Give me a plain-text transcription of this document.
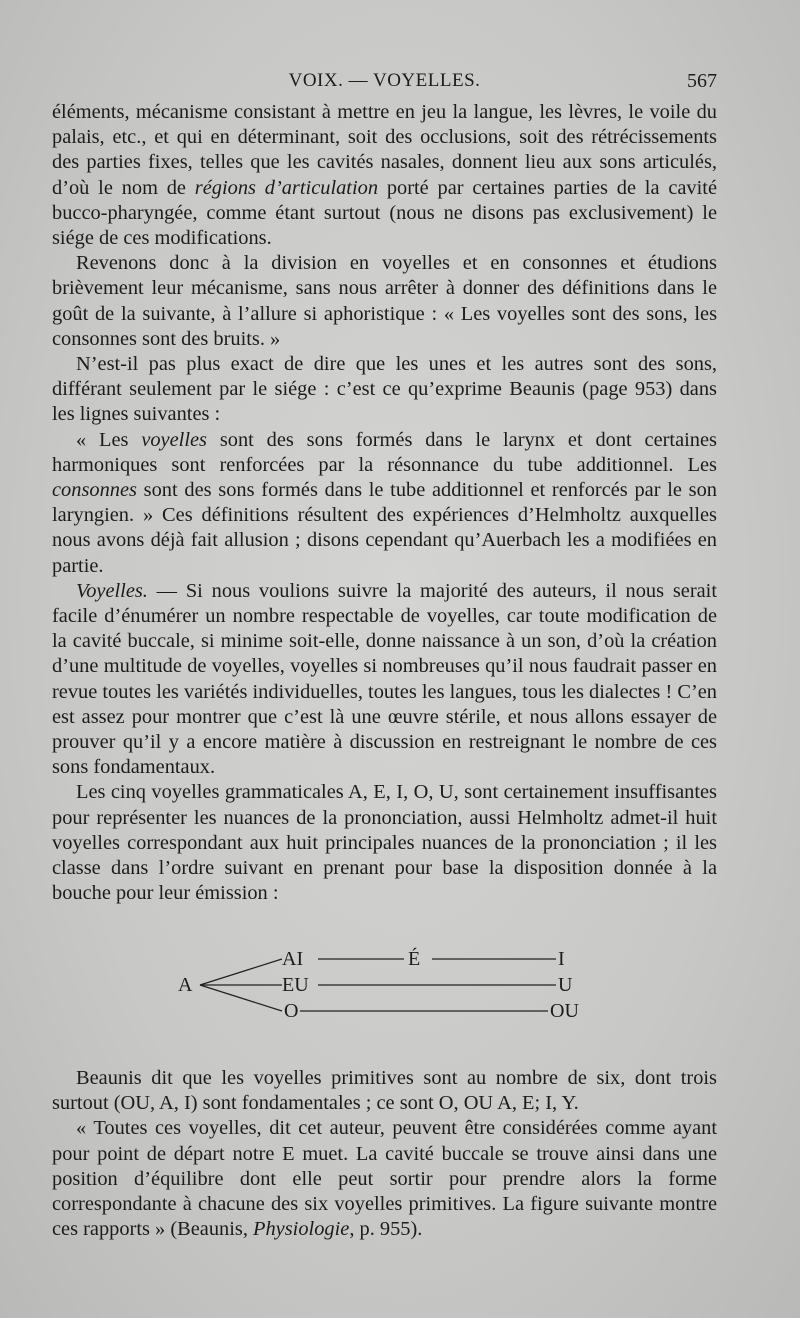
VOIX. — VOYELLES.	567

éléments, mécanisme consistant à mettre en jeu la langue, les lèvres, le voile du palais, etc., et qui en déterminant, soit des occlusions, soit des rétrécissements des parties fixes, telles que les cavités nasales, donnent lieu aux sons articulés, d’où le nom de régions d’articulation porté par certaines parties de la cavité bucco-pharyngée, comme étant surtout (nous ne disons pas exclusivement) le siége de ces modifications.

Revenons donc à la division en voyelles et en consonnes et étudions brièvement leur mécanisme, sans nous arrêter à donner des définitions dans le goût de la suivante, à l’allure si aphoristique : « Les voyelles sont des sons, les consonnes sont des bruits. »

N’est-il pas plus exact de dire que les unes et les autres sont des sons, différant seulement par le siége : c’est ce qu’exprime Beaunis (page 953) dans les lignes suivantes :

« Les voyelles sont des sons formés dans le larynx et dont certaines harmoniques sont renforcées par la résonnance du tube additionnel. Les consonnes sont des sons formés dans le tube additionnel et renforcés par le son laryngien. » Ces définitions résultent des expériences d’Helmholtz auxquelles nous avons déjà fait allusion ; disons cependant qu’Auerbach les a modifiées en partie.

Voyelles. — Si nous voulions suivre la majorité des auteurs, il nous serait facile d’énumérer un nombre respectable de voyelles, car toute modification de la cavité buccale, si minime soit-elle, donne naissance à un son, d’où la création d’une multitude de voyelles, voyelles si nombreuses qu’il nous faudrait passer en revue toutes les variétés individuelles, toutes les langues, tous les dialectes ! C’en est assez pour montrer que c’est là une œuvre stérile, et nous allons essayer de prouver qu’il y a encore matière à discussion en restreignant le nombre de ces sons fondamentaux.

Les cinq voyelles grammaticales A, E, I, O, U, sont certainement insuffisantes pour représenter les nuances de la prononciation, aussi Helmholtz admet-il huit voyelles correspondant aux huit principales nuances de la prononciation ; il les classe dans l’ordre suivant en prenant pour base la disposition donnée à la bouche pour leur émission :

A
AI	É	I
EU	U
O	OU

Beaunis dit que les voyelles primitives sont au nombre de six, dont trois surtout (OU, A, I) sont fondamentales ; ce sont O, OU A, E; I, Y.

« Toutes ces voyelles, dit cet auteur, peuvent être considérées comme ayant pour point de départ notre E muet. La cavité buccale se trouve ainsi dans une position d’équilibre dont elle peut sortir pour prendre alors la forme correspondante à chacune des six voyelles primitives. La figure suivante montre ces rapports » (Beaunis, Physiologie, p. 955).
